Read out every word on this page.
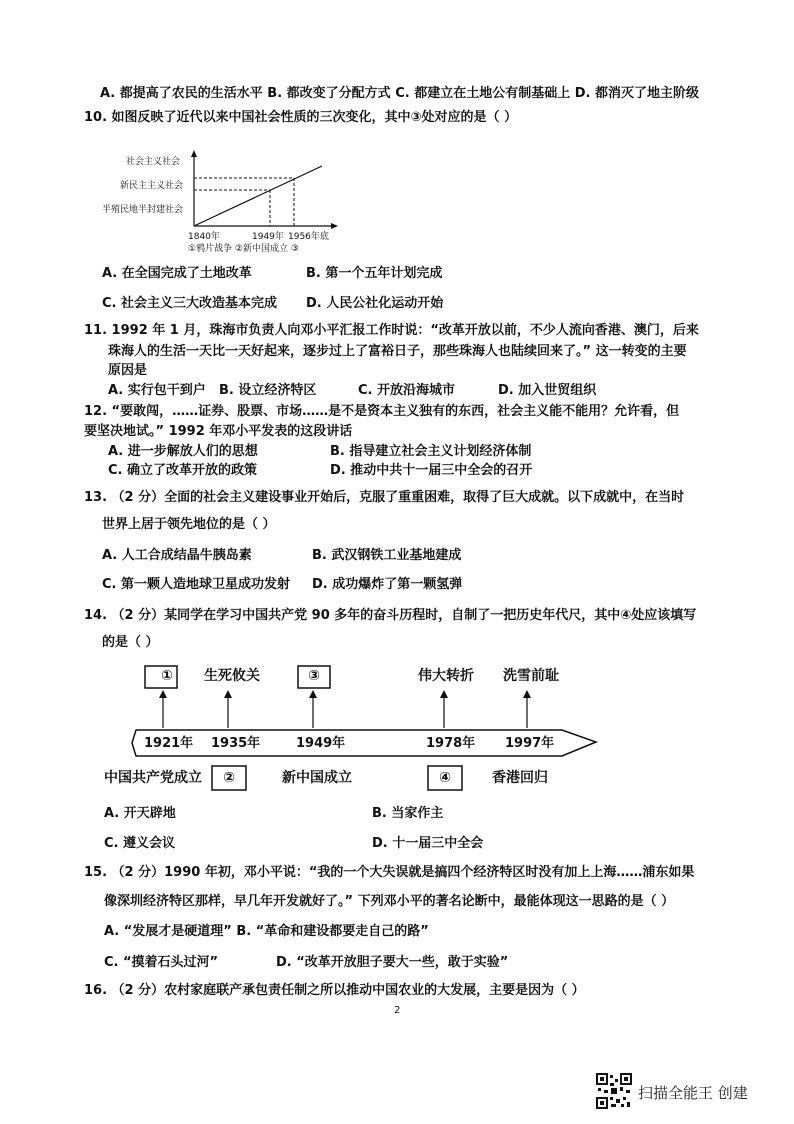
A. 都提高了农民的生活水平 B. 都改变了分配方式 C. 都建立在土地公有制基础上 D. 都消灭了地主阶级
10. 如图反映了近代以来中国社会性质的三次变化，其中③处对应的是（ ）
社会主义社会
新民主主义社会
半殖民地半封建社会
1840年	1949年 1956年底
①鸦片战争 ②新中国成立 ③
A. 在全国完成了土地改革	B. 第一个五年计划完成
C. 社会主义三大改造基本完成 D. 人民公社化运动开始
11. 1992 年 1 月，珠海市负责人向邓小平汇报工作时说：“改革开放以前，不少人流向香港、澳门，后来
珠海人的生活一天比一天好起来，逐步过上了富裕日子，那些珠海人也陆续回来了。” 这一转变的主要
原因是
A. 实行包干到户 B. 设立经济特区	C. 开放沿海城市	D. 加入世贸组织
12. “要敢闯，……证券、股票、市场……是不是资本主义独有的东西，社会主义能不能用？允许看，但
要坚决地试。” 1992 年邓小平发表的这段讲话
A. 进一步解放人们的思想	B. 指导建立社会主义计划经济体制
C. 确立了改革开放的政策	D. 推动中共十一届三中全会的召开
13. （2 分）全面的社会主义建设事业开始后，克服了重重困难，取得了巨大成就。以下成就中，在当时
世界上居于领先地位的是（ ）
A. 人工合成结晶牛胰岛素	B. 武汉钢铁工业基地建成
C. 第一颗人造地球卫星成功发射 D. 成功爆炸了第一颗氢弹
14. （2 分）某同学在学习中国共产党 90 多年的奋斗历程时，自制了一把历史年代尺，其中④处应该填写
的是（ ）
①	③
生死攸关	伟大转折 洗雪前耻
1921年 1935年	1949年	1978年 1997年
中国共产党成立	②	新中国成立	④	香港回归
A. 开天辟地	B. 当家作主
C. 遵义会议	D. 十一届三中全会
15. （2 分）1990 年初，邓小平说：“我的一个大失误就是搞四个经济特区时没有加上上海……浦东如果
像深圳经济特区那样，早几年开发就好了。” 下列邓小平的著名论断中，最能体现这一思路的是（ ）
A. “发展才是硬道理” B. “革命和建设都要走自己的路”
C. “摸着石头过河”	D. “改革开放胆子要大一些，敢于实验”
16. （2 分）农村家庭联产承包责任制之所以推动中国农业的大发展，主要是因为（ ）
2
扫描全能王 创建
